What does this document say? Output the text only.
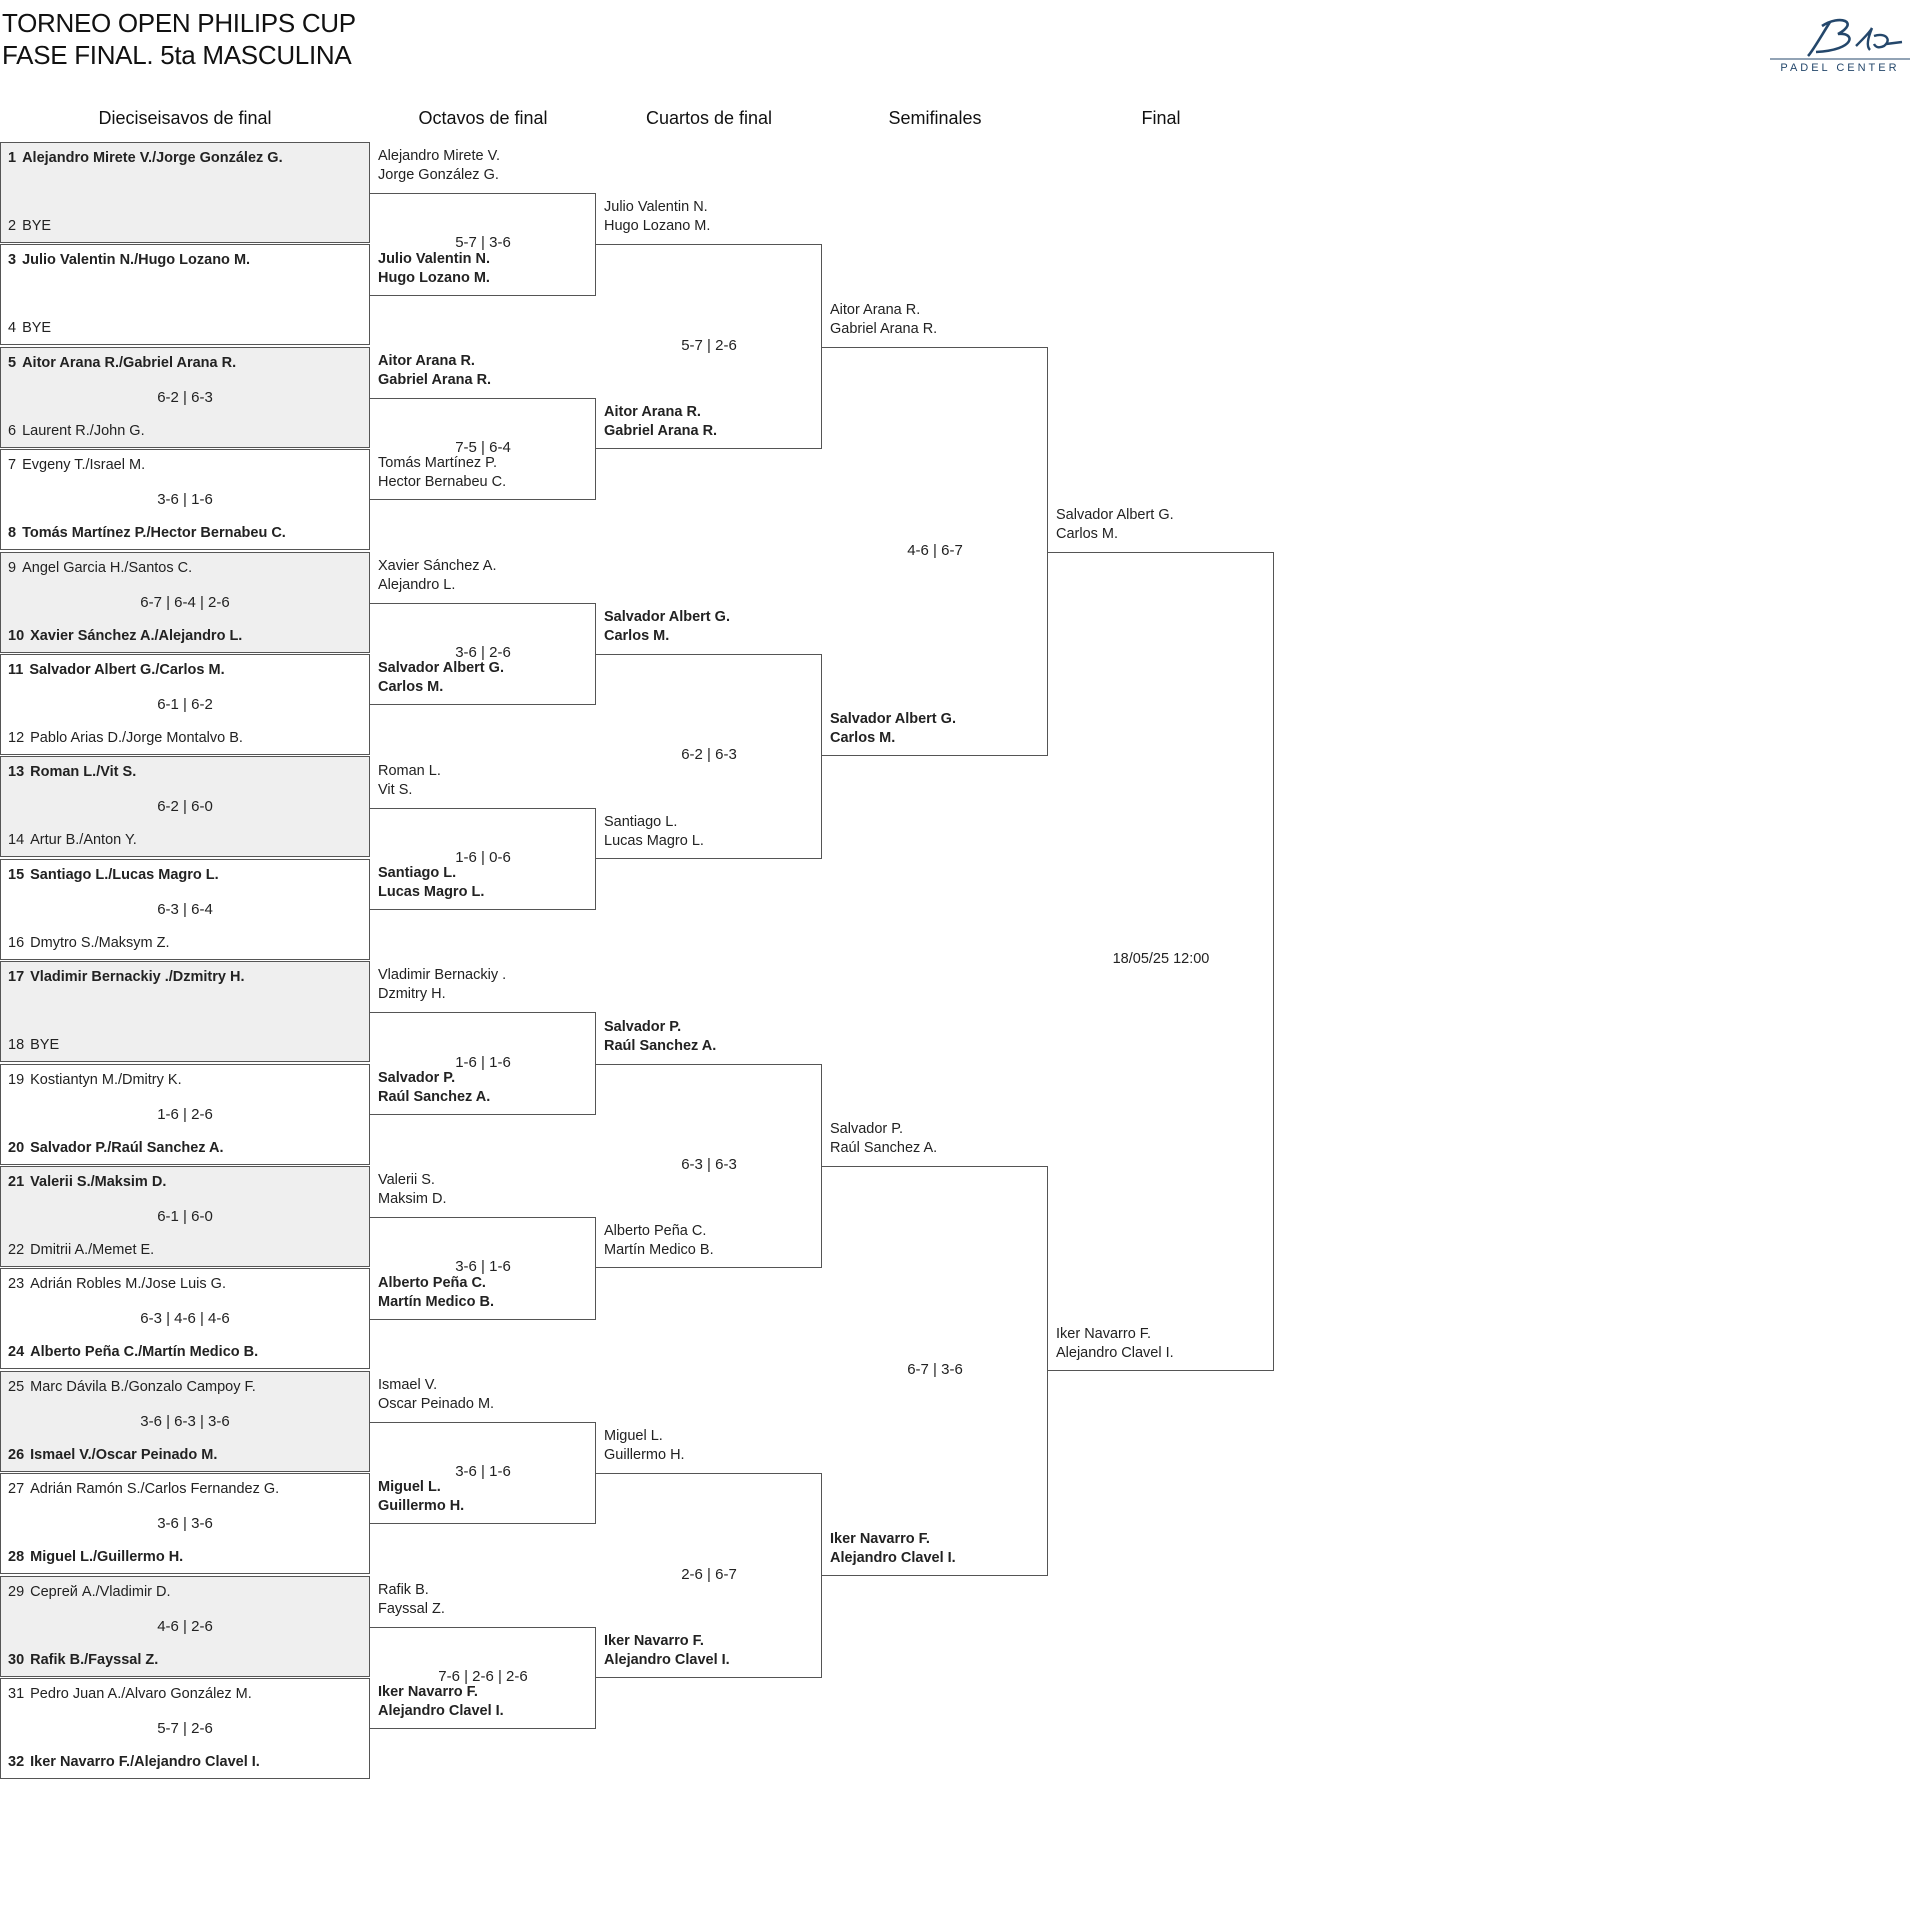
TORNEO OPEN PHILIPS CUP
FASE FINAL. 5ta MASCULINA	PADEL CENTER
Dieciseisavos de final	Octavos de final	Cuartos de final	Semifinales	Final
1 Alejandro Mirete V./Jorge González G.
2 BYE
3 Julio Valentin N./Hugo Lozano M.
4 BYE
5 Aitor Arana R./Gabriel Arana R.
6 Laurent R./John G.
6-2 | 6-3
7 Evgeny T./Israel M.
8 Tomás Martínez P./Hector Bernabeu C.
3-6 | 1-6
9 Angel Garcia H./Santos C.
10 Xavier Sánchez A./Alejandro L.
6-7 | 6-4 | 2-6
11 Salvador Albert G./Carlos M.
12 Pablo Arias D./Jorge Montalvo B.
6-1 | 6-2
13 Roman L./Vit S.
14 Artur B./Anton Y.
6-2 | 6-0
15 Santiago L./Lucas Magro L.
16 Dmytro S./Maksym Z.
6-3 | 6-4
17 Vladimir Bernackiy ./Dzmitry H.
18 BYE
19 Kostiantyn M./Dmitry K.
20 Salvador P./Raúl Sanchez A.
1-6 | 2-6
21 Valerii S./Maksim D.
22 Dmitrii A./Memet E.
6-1 | 6-0
23 Adrián Robles M./Jose Luis G.
24 Alberto Peña C./Martín Medico B.
6-3 | 4-6 | 4-6
25 Marc Dávila B./Gonzalo Campoy F.
26 Ismael V./Oscar Peinado M.
3-6 | 6-3 | 3-6
27 Adrián Ramón S./Carlos Fernandez G.
28 Miguel L./Guillermo H.
3-6 | 3-6
29 Сергей А./Vladimir D.
30 Rafik B./Fayssal Z.
4-6 | 2-6
31 Pedro Juan A./Alvaro González M.
32 Iker Navarro F./Alejandro Clavel I.
5-7 | 2-6
Alejandro Mirete V.
Jorge González G.
Julio Valentin N.
Hugo Lozano M.
5-7 | 3-6
Aitor Arana R.
Gabriel Arana R.
Tomás Martínez P.
Hector Bernabeu C.
7-5 | 6-4
Xavier Sánchez A.
Alejandro L.
Salvador Albert G.
Carlos M.
3-6 | 2-6
Roman L.
Vit S.
Santiago L.
Lucas Magro L.
1-6 | 0-6
Vladimir Bernackiy .
Dzmitry H.
Salvador P.
Raúl Sanchez A.
1-6 | 1-6
Valerii S.
Maksim D.
Alberto Peña C.
Martín Medico B.
3-6 | 1-6
Ismael V.
Oscar Peinado M.
Miguel L.
Guillermo H.
3-6 | 1-6
Rafik B.
Fayssal Z.
Iker Navarro F.
Alejandro Clavel I.
7-6 | 2-6 | 2-6
Julio Valentin N.
Hugo Lozano M.
Aitor Arana R.
Gabriel Arana R.
5-7 | 2-6
Salvador Albert G.
Carlos M.
Santiago L.
Lucas Magro L.
6-2 | 6-3
Salvador P.
Raúl Sanchez A.
Alberto Peña C.
Martín Medico B.
6-3 | 6-3
Miguel L.
Guillermo H.
Iker Navarro F.
Alejandro Clavel I.
2-6 | 6-7
Aitor Arana R.
Gabriel Arana R.
Salvador Albert G.
Carlos M.
4-6 | 6-7
Salvador P.
Raúl Sanchez A.
Iker Navarro F.
Alejandro Clavel I.
6-7 | 3-6
Salvador Albert G.
Carlos M.
Iker Navarro F.
Alejandro Clavel I.
18/05/25 12:00
